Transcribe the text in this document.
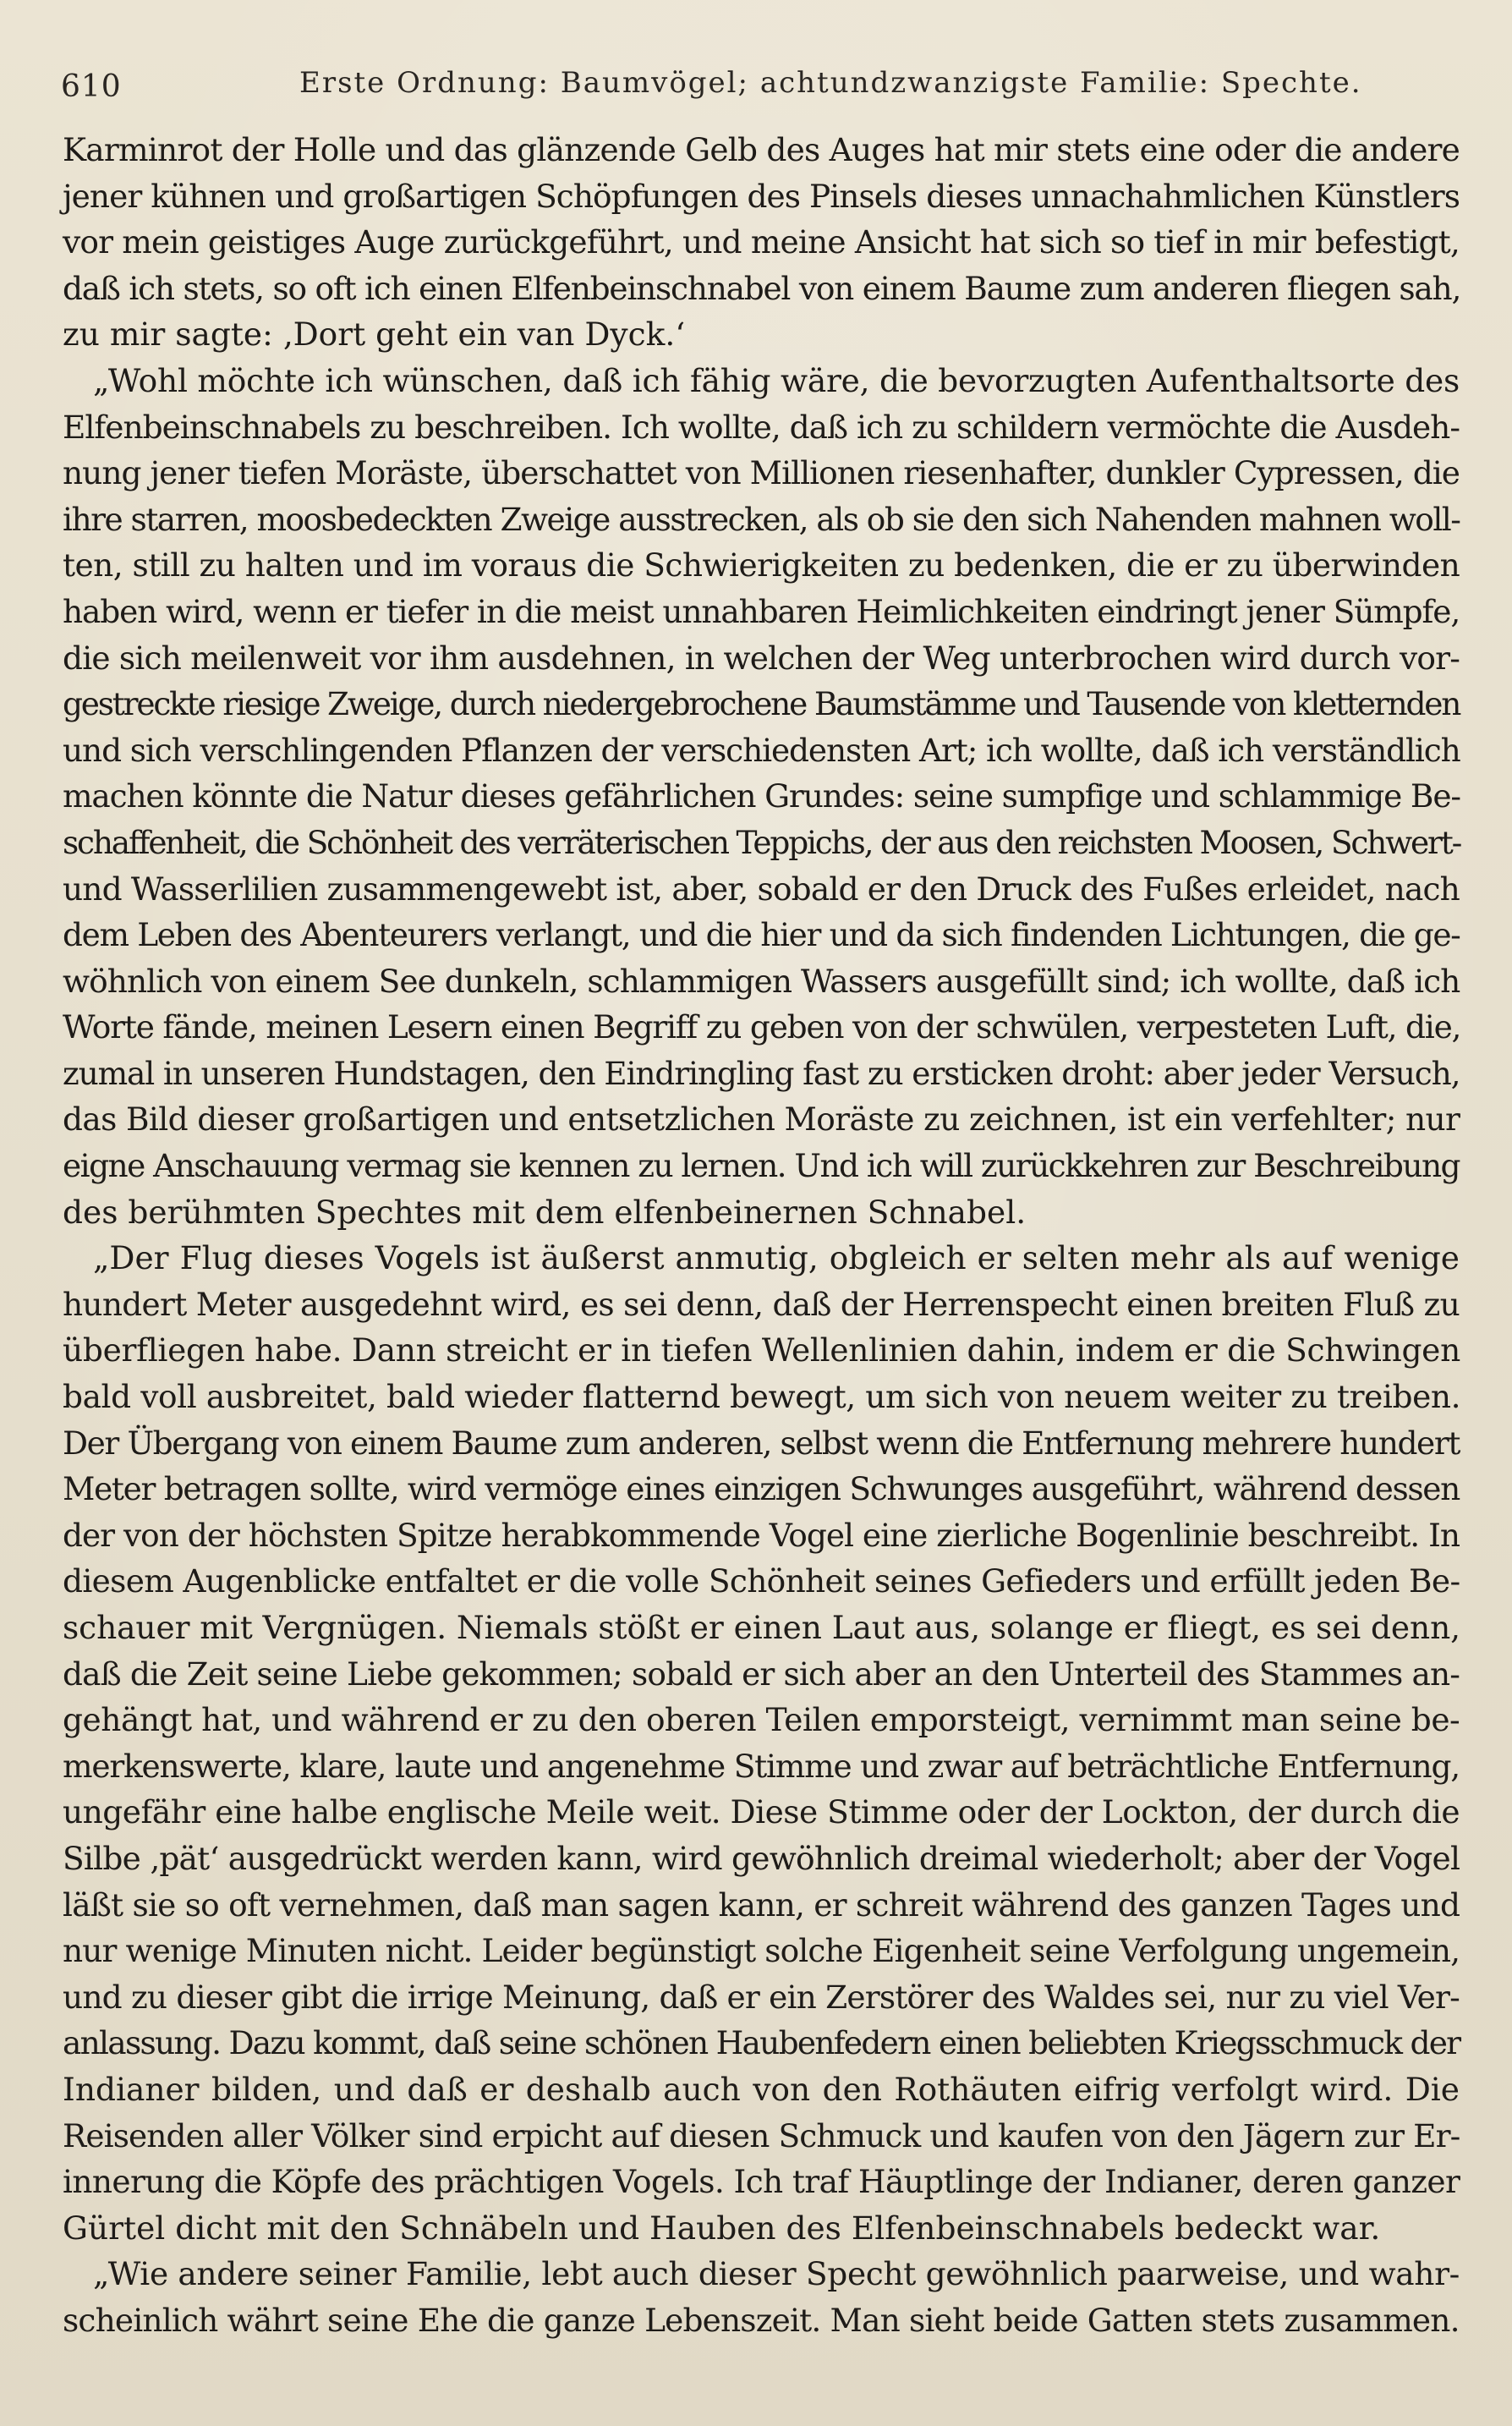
610	Erste Ordnung: Baumvögel; achtundzwanzigste Familie: Spechte.
Karminrot der Holle und das glänzende Gelb des Auges hat mir stets eine oder die andere
jener kühnen und großartigen Schöpfungen des Pinsels dieses unnachahmlichen Künstlers
vor mein geistiges Auge zurückgeführt, und meine Ansicht hat sich so tief in mir befestigt,
daß ich stets, so oft ich einen Elfenbeinschnabel von einem Baume zum anderen fliegen sah,
zu mir sagte: ‚Dort geht ein van Dyck.‘
„Wohl möchte ich wünschen, daß ich fähig wäre, die bevorzugten Aufenthaltsorte des
Elfenbeinschnabels zu beschreiben. Ich wollte, daß ich zu schildern vermöchte die Ausdeh-
nung jener tiefen Moräste, überschattet von Millionen riesenhafter, dunkler Cypressen, die
ihre starren, moosbedeckten Zweige ausstrecken, als ob sie den sich Nahenden mahnen woll-
ten, still zu halten und im voraus die Schwierigkeiten zu bedenken, die er zu überwinden
haben wird, wenn er tiefer in die meist unnahbaren Heimlichkeiten eindringt jener Sümpfe,
die sich meilenweit vor ihm ausdehnen, in welchen der Weg unterbrochen wird durch vor-
gestreckte riesige Zweige, durch niedergebrochene Baumstämme und Tausende von kletternden
und sich verschlingenden Pflanzen der verschiedensten Art; ich wollte, daß ich verständlich
machen könnte die Natur dieses gefährlichen Grundes: seine sumpfige und schlammige Be-
schaffenheit, die Schönheit des verräterischen Teppichs, der aus den reichsten Moosen, Schwert-
und Wasserlilien zusammengewebt ist, aber, sobald er den Druck des Fußes erleidet, nach
dem Leben des Abenteurers verlangt, und die hier und da sich findenden Lichtungen, die ge-
wöhnlich von einem See dunkeln, schlammigen Wassers ausgefüllt sind; ich wollte, daß ich
Worte fände, meinen Lesern einen Begriff zu geben von der schwülen, verpesteten Luft, die,
zumal in unseren Hundstagen, den Eindringling fast zu ersticken droht: aber jeder Versuch,
das Bild dieser großartigen und entsetzlichen Moräste zu zeichnen, ist ein verfehlter; nur
eigne Anschauung vermag sie kennen zu lernen. Und ich will zurückkehren zur Beschreibung
des berühmten Spechtes mit dem elfenbeinernen Schnabel.
„Der Flug dieses Vogels ist äußerst anmutig, obgleich er selten mehr als auf wenige
hundert Meter ausgedehnt wird, es sei denn, daß der Herrenspecht einen breiten Fluß zu
überfliegen habe. Dann streicht er in tiefen Wellenlinien dahin, indem er die Schwingen
bald voll ausbreitet, bald wieder flatternd bewegt, um sich von neuem weiter zu treiben.
Der Übergang von einem Baume zum anderen, selbst wenn die Entfernung mehrere hundert
Meter betragen sollte, wird vermöge eines einzigen Schwunges ausgeführt, während dessen
der von der höchsten Spitze herabkommende Vogel eine zierliche Bogenlinie beschreibt. In
diesem Augenblicke entfaltet er die volle Schönheit seines Gefieders und erfüllt jeden Be-
schauer mit Vergnügen. Niemals stößt er einen Laut aus, solange er fliegt, es sei denn,
daß die Zeit seine Liebe gekommen; sobald er sich aber an den Unterteil des Stammes an-
gehängt hat, und während er zu den oberen Teilen emporsteigt, vernimmt man seine be-
merkenswerte, klare, laute und angenehme Stimme und zwar auf beträchtliche Entfernung,
ungefähr eine halbe englische Meile weit. Diese Stimme oder der Lockton, der durch die
Silbe ‚pät‘ ausgedrückt werden kann, wird gewöhnlich dreimal wiederholt; aber der Vogel
läßt sie so oft vernehmen, daß man sagen kann, er schreit während des ganzen Tages und
nur wenige Minuten nicht. Leider begünstigt solche Eigenheit seine Verfolgung ungemein,
und zu dieser gibt die irrige Meinung, daß er ein Zerstörer des Waldes sei, nur zu viel Ver-
anlassung. Dazu kommt, daß seine schönen Haubenfedern einen beliebten Kriegsschmuck der
Indianer bilden, und daß er deshalb auch von den Rothäuten eifrig verfolgt wird. Die
Reisenden aller Völker sind erpicht auf diesen Schmuck und kaufen von den Jägern zur Er-
innerung die Köpfe des prächtigen Vogels. Ich traf Häuptlinge der Indianer, deren ganzer
Gürtel dicht mit den Schnäbeln und Hauben des Elfenbeinschnabels bedeckt war.
„Wie andere seiner Familie, lebt auch dieser Specht gewöhnlich paarweise, und wahr-
scheinlich währt seine Ehe die ganze Lebenszeit. Man sieht beide Gatten stets zusammen.
